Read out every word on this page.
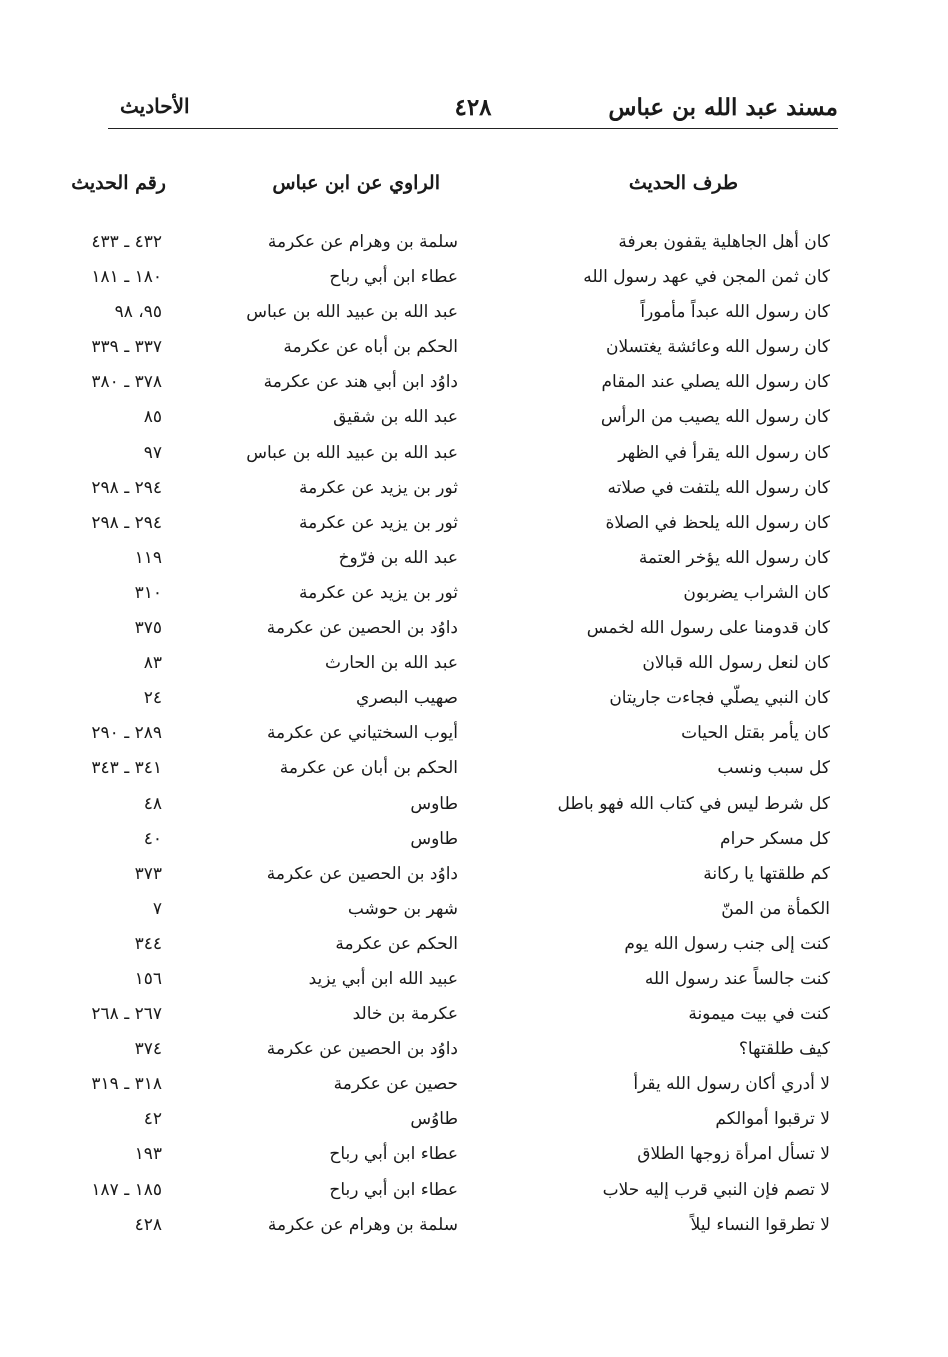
مسند عبد الله بن عباس
٤٢٨
الأحاديث
طرف الحديث
الراوي عن ابن عباس
رقم الحديث
كان أهل الجاهلية يقفون بعرفة
سلمة بن وهرام عن عكرمة
٤٣٢ ـ ٤٣٣
كان ثمن المجن في عهد رسول الله
عطاء ابن أبي رباح
١٨٠ ـ ١٨١
كان رسول الله عبداً مأموراً
عبد الله بن عبيد الله بن عباس
٩٥، ٩٨
كان رسول الله وعائشة يغتسلان
الحكم بن أباه عن عكرمة
٣٣٧ ـ ٣٣٩
كان رسول الله يصلي عند المقام
داوُد ابن أبي هند عن عكرمة
٣٧٨ ـ ٣٨٠
كان رسول الله يصيب من الرأس
عبد الله بن شقيق
٨٥
كان رسول الله يقرأ في الظهر
عبد الله بن عبيد الله بن عباس
٩٧
كان رسول الله يلتفت في صلاته
ثور بن يزيد عن عكرمة
٢٩٤ ـ ٢٩٨
كان رسول الله يلحظ في الصلاة
ثور بن يزيد عن عكرمة
٢٩٤ ـ ٢٩٨
كان رسول الله يؤخر العتمة
عبد الله بن فرّوخ
١١٩
كان الشراب يضربون
ثور بن يزيد عن عكرمة
٣١٠
كان قدومنا على رسول الله لخمس
داوُد بن الحصين عن عكرمة
٣٧٥
كان لنعل رسول الله قبالان
عبد الله بن الحارث
٨٣
كان النبي يصلّي فجاءت جاريتان
صهيب البصري
٢٤
كان يأمر بقتل الحيات
أيوب السختياني عن عكرمة
٢٨٩ ـ ٢٩٠
كل سبب ونسب
الحكم بن أبان عن عكرمة
٣٤١ ـ ٣٤٣
كل شرط ليس في كتاب الله فهو باطل
طاوس
٤٨
كل مسكر حرام
طاوس
٤٠
كم طلقتها يا ركانة
داوُد بن الحصين عن عكرمة
٣٧٣
الكمأة من المنّ
شهر بن حوشب
٧
كنت إلى جنب رسول الله يوم
الحكم عن عكرمة
٣٤٤
كنت جالساً عند رسول الله
عبيد الله ابن أبي يزيد
١٥٦
كنت في بيت ميمونة
عكرمة بن خالد
٢٦٧ ـ ٢٦٨
كيف طلقتها؟
داوُد بن الحصين عن عكرمة
٣٧٤
لا أدري أكان رسول الله يقرأ
حصين عن عكرمة
٣١٨ ـ ٣١٩
لا ترقبوا أموالكم
طاوُس
٤٢
لا تسأل امرأة زوجها الطلاق
عطاء ابن أبي رباح
١٩٣
لا تصم فإن النبي قرب إليه حلاب
عطاء ابن أبي رباح
١٨٥ ـ ١٨٧
لا تطرقوا النساء ليلاً
سلمة بن وهرام عن عكرمة
٤٢٨
